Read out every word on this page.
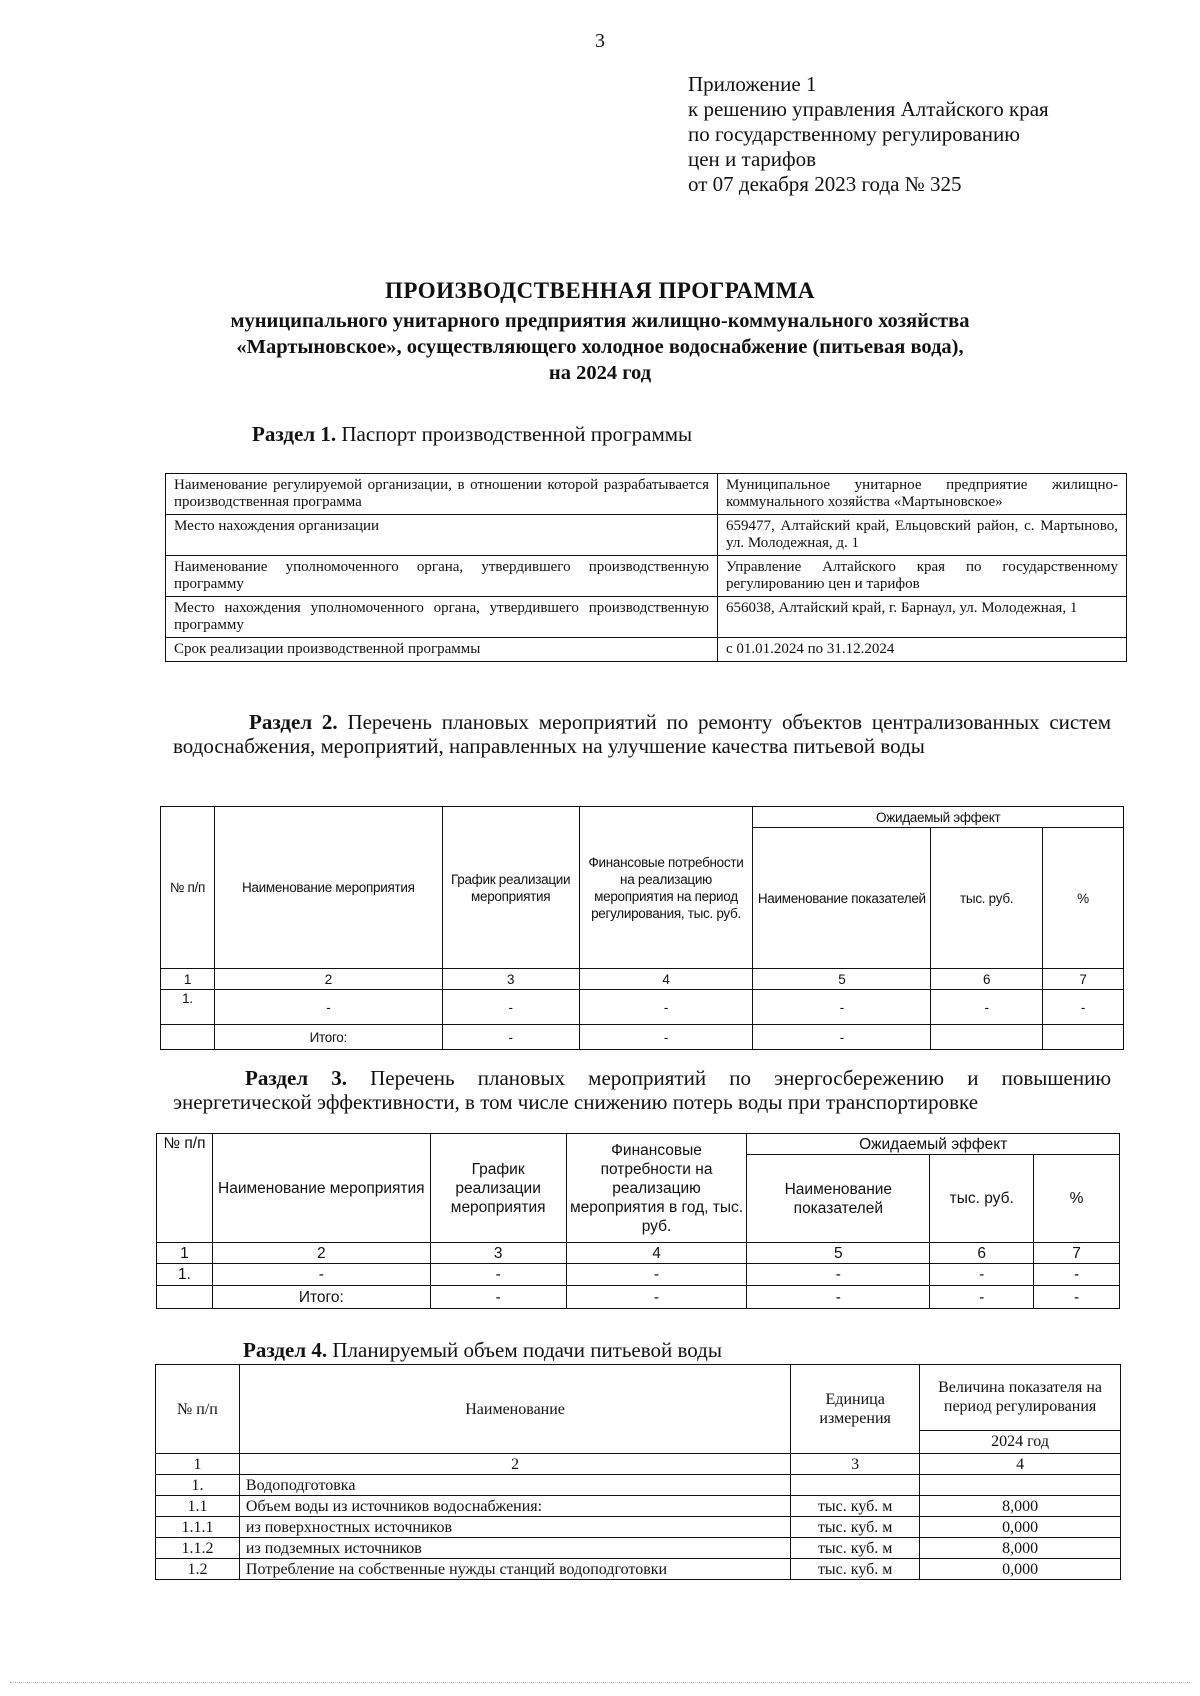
3
Приложение 1
к решению управления Алтайского края
по государственному регулированию
цен и тарифов
от 07 декабря 2023 года № 325
ПРОИЗВОДСТВЕННАЯ ПРОГРАММА
муниципального унитарного предприятия жилищно-коммунального хозяйства
«Мартыновское», осуществляющего холодное водоснабжение (питьевая вода),
на 2024 год
Раздел 1. Паспорт производственной программы
Наименование регулируемой организации, в отношении которой разрабатывается производственная программа	Муниципальное унитарное предприятие жилищно-коммунального хозяйства «Мартыновское»
Место нахождения организации	659477, Алтайский край, Ельцовский район, с. Мартыново, ул. Молодежная, д. 1
Наименование уполномоченного органа, утвердившего производственную программу	Управление Алтайского края по государственному регулированию цен и тарифов
Место нахождения уполномоченного органа, утвердившего производственную программу	656038, Алтайский край, г. Барнаул, ул. Молодежная, 1
Срок реализации производственной программы	с 01.01.2024 по 31.12.2024
Раздел 2. Перечень плановых мероприятий по ремонту объектов централизованных систем водоснабжения, мероприятий, направленных на улучшение качества питьевой воды
№ п/п	Наименование мероприятия	График реализации мероприятия	Финансовые потребности на реализацию мероприятия на период регулирования, тыс. руб.	Ожидаемый эффект		
				Наименование показателей	тыс. руб.	%
1	2	3	4	5	6	7
1.	-	-	-	-	-	-
	Итого:	-	-	-		
Раздел 3. Перечень плановых мероприятий по энергосбережению и повышению энергетической эффективности, в том числе снижению потерь воды при транспортировке
№ п/п	Наименование мероприятия	График реализации мероприятия	Финансовые потребности на реализацию мероприятия в год, тыс. руб.	Ожидаемый эффект		
				Наименование показателей	тыс. руб.	%
1	2	3	4	5	6	7
1.	-	-	-	-	-	-
	Итого:	-	-	-	-	-
Раздел 4. Планируемый объем подачи питьевой воды
№ п/п	Наименование	Единица измерения	Величина показателя на период регулирования
			2024 год
1	2	3	4
1.	Водоподготовка		
1.1	Объем воды из источников водоснабжения:	тыс. куб. м	8,000
1.1.1	из поверхностных источников	тыс. куб. м	0,000
1.1.2	из подземных источников	тыс. куб. м	8,000
1.2	Потребление на собственные нужды станций водоподготовки	тыс. куб. м	0,000
